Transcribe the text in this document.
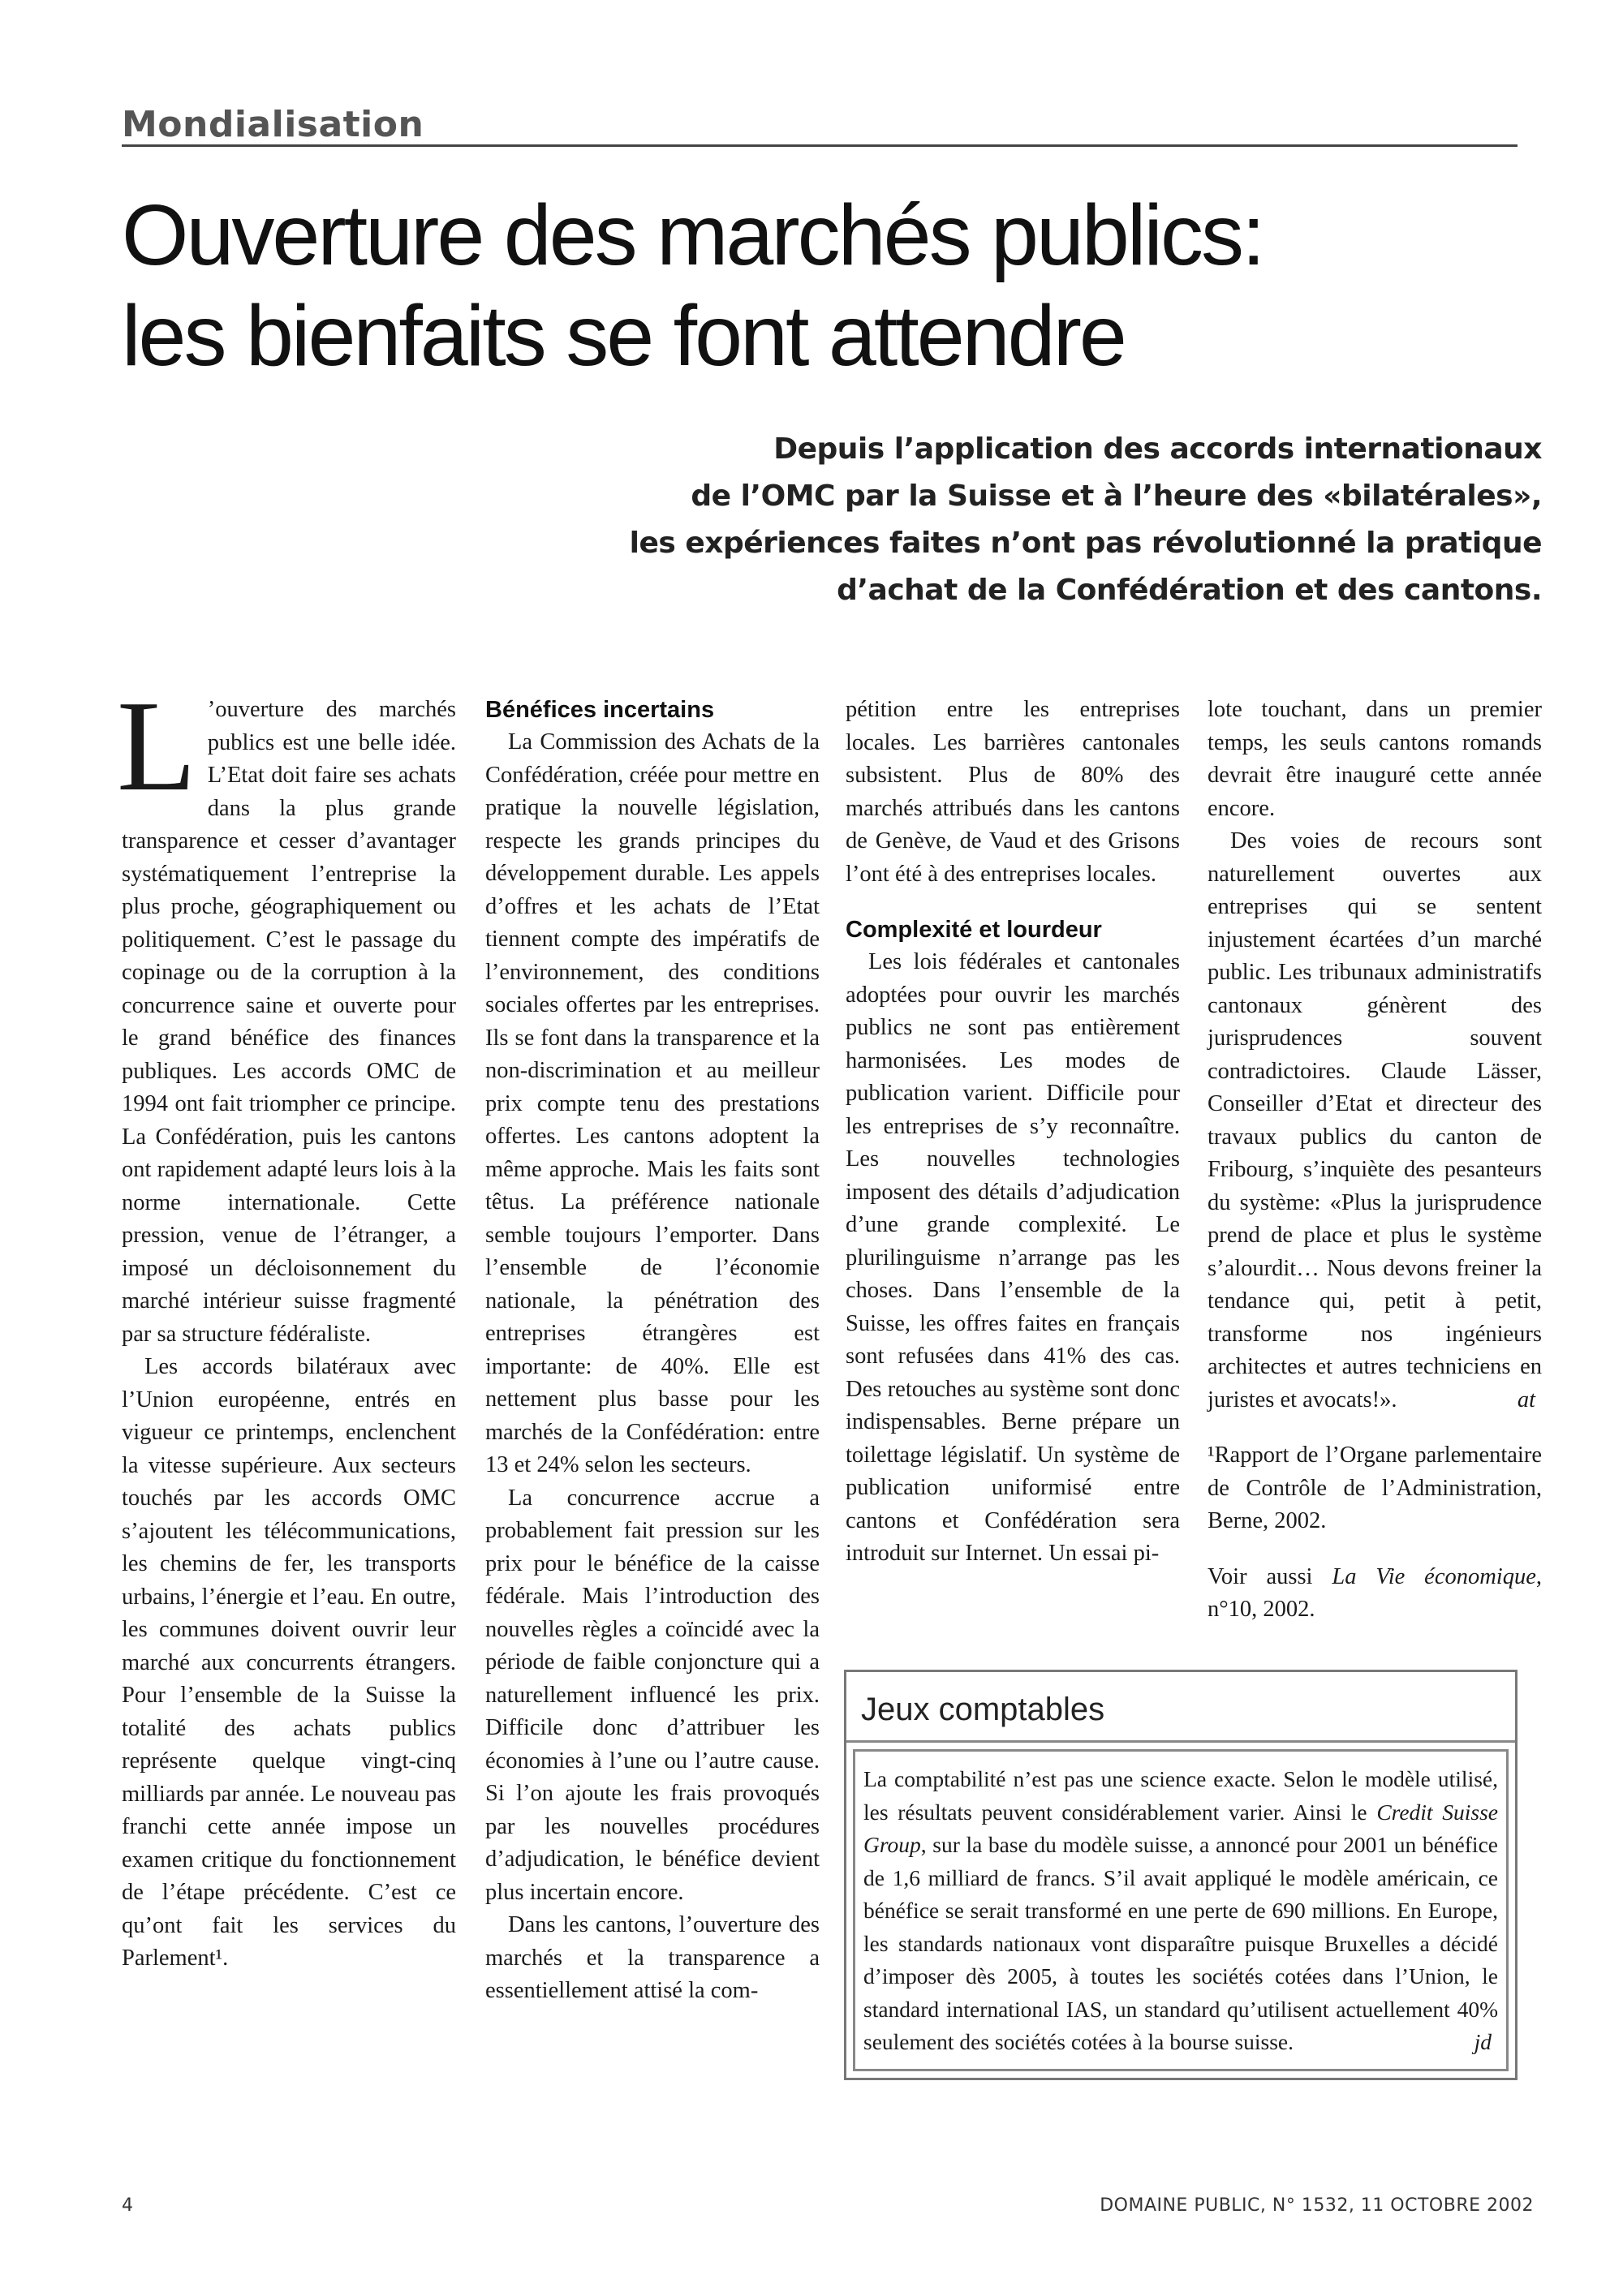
Mondialisation
Ouverture des marchés publics:
les bienfaits se font attendre
Depuis l’application des accords internationaux
de l’OMC par la Suisse et à l’heure des «bilatérales»,
les expériences faites n’ont pas révolutionné la pratique
d’achat de la Confédération et des cantons.

L ’ouverture des marchés publics est une belle idée. L’Etat doit faire ses achats dans la plus grande transparence et cesser d’avantager systématiquement l’entreprise la plus proche, géographiquement ou politiquement. C’est le passage du copinage ou de la corruption à la concurrence saine et ouverte pour le grand bénéfice des finances publiques. Les accords OMC de 1994 ont fait triompher ce principe. La Confédération, puis les cantons ont rapidement adapté leurs lois à la norme internationale. Cette pression, venue de l’étranger, a imposé un décloisonnement du marché intérieur suisse fragmenté par sa structure fédéraliste.

Les accords bilatéraux avec l’Union européenne, entrés en vigueur ce printemps, enclenchent la vitesse supérieure. Aux secteurs touchés par les accords OMC s’ajoutent les télécommunications, les chemins de fer, les transports urbains, l’énergie et l’eau. En outre, les communes doivent ouvrir leur marché aux concurrents étrangers. Pour l’ensemble de la Suisse la totalité des achats publics représente quelque vingt-cinq milliards par année. Le nouveau pas franchi cette année impose un examen critique du fonctionnement de l’étape précédente. C’est ce qu’ont fait les services du Parlement¹.

Bénéfices incertains

La Commission des Achats de la Confédération, créée pour mettre en pratique la nouvelle législation, respecte les grands principes du développement durable. Les appels d’offres et les achats de l’Etat tiennent compte des impératifs de l’environnement, des conditions sociales offertes par les entreprises. Ils se font dans la transparence et la non-discrimination et au meilleur prix compte tenu des prestations offertes. Les cantons adoptent la même approche. Mais les faits sont têtus. La préférence nationale semble toujours l’emporter. Dans l’ensemble de l’économie nationale, la pénétration des entreprises étrangères est importante: de 40%. Elle est nettement plus basse pour les marchés de la Confédération: entre 13 et 24% selon les secteurs.

La concurrence accrue a probablement fait pression sur les prix pour le bénéfice de la caisse fédérale. Mais l’introduction des nouvelles règles a coïncidé avec la période de faible conjoncture qui a naturellement influencé les prix. Difficile donc d’attribuer les économies à l’une ou l’autre cause. Si l’on ajoute les frais provoqués par les nouvelles procédures d’adjudication, le bénéfice devient plus incertain encore.

Dans les cantons, l’ouverture des marchés et la transparence a essentiellement attisé la com-

pétition entre les entreprises locales. Les barrières cantonales subsistent. Plus de 80% des marchés attribués dans les cantons de Genève, de Vaud et des Grisons l’ont été à des entreprises locales.

Complexité et lourdeur

Les lois fédérales et cantonales adoptées pour ouvrir les marchés publics ne sont pas entièrement harmonisées. Les modes de publication varient. Difficile pour les entreprises de s’y reconnaître. Les nouvelles technologies imposent des détails d’adjudication d’une grande complexité. Le plurilinguisme n’arrange pas les choses. Dans l’ensemble de la Suisse, les offres faites en français sont refusées dans 41% des cas. Des retouches au système sont donc indispensables. Berne prépare un toilettage législatif. Un système de publication uniformisé entre cantons et Confédération sera introduit sur Internet. Un essai pi-

lote touchant, dans un premier temps, les seuls cantons romands devrait être inauguré cette année encore.

Des voies de recours sont naturellement ouvertes aux entreprises qui se sentent injustement écartées d’un marché public. Les tribunaux administratifs cantonaux génèrent des jurisprudences souvent contradictoires. Claude Lässer, Conseiller d’Etat et directeur des travaux publics du canton de Fribourg, s’inquiète des pesanteurs du système: «Plus la jurisprudence prend de place et plus le système s’alourdit… Nous devons freiner la tendance qui, petit à petit, transforme nos ingénieurs architectes et autres techniciens en juristes et avocats!».	at

¹Rapport de l’Organe parlementaire de Contrôle de l’Administration, Berne, 2002.

Voir aussi La Vie économique, n°10, 2002.

Jeux comptables
La comptabilité n’est pas une science exacte. Selon le modèle utilisé, les résultats peuvent considérablement varier. Ainsi le Credit Suisse Group, sur la base du modèle suisse, a annoncé pour 2001 un bénéfice de 1,6 milliard de francs. S’il avait appliqué le modèle américain, ce bénéfice se serait transformé en une perte de 690 millions. En Europe, les standards nationaux vont disparaître puisque Bruxelles a décidé d’imposer dès 2005, à toutes les sociétés cotées dans l’Union, le standard international IAS, un standard qu’utilisent actuellement 40% seulement des sociétés cotées à la bourse suisse.	jd
4	DOMAINE PUBLIC, N° 1532, 11 OCTOBRE 2002
